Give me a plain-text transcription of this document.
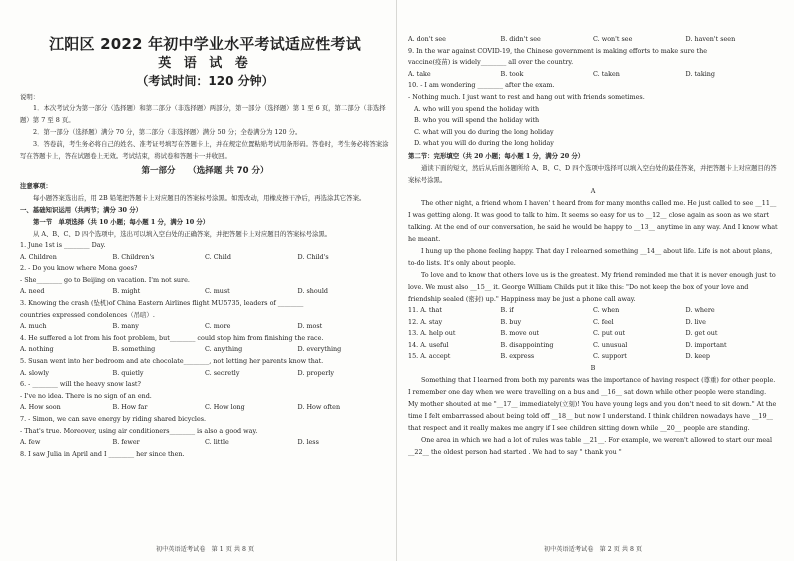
江阳区 2022 年初中学业水平考试适应性考试
英 语 试 卷
（考试时间：120 分钟）
说明：
1．本次考试分为第一部分（选择题）和第二部分（非选择题）两部分，第一部分（选择题）第 1 至 6 页，第二部分（非选择题）第 7 至 8 页。
2．第一部分（选择题）满分 70 分，第二部分（非选择题）满分 50 分；全卷满分为 120 分。
3．答卷前，考生务必将自己的姓名、准考证号填写在答题卡上，并在规定位置粘贴考试用条形码。答卷时，考生务必将答案涂写在答题卡上，答在试题卷上无效。考试结束，将试卷和答题卡一并收回。
第一部分　　（选择题 共 70 分）
注意事项：
每小题答案选出后，用 2B 铅笔把答题卡上对应题目的答案标号涂黑。如需改动，用橡皮擦干净后，再选涂其它答案。
一、基础知识运用（共两节；满分 30 分）
第一节　单项选择（共 10 小题；每小题 1 分，满分 10 分）
从 A、B、C、D 四个选项中，选出可以填入空白处的正确答案，并把答题卡上对应题目的答案标号涂黑。
1. June 1st is ________ Day.
A. Children	B. Children's	C. Child	D. Child's
2. - Do you know where Mona goes?
- She________ go to Beijing on vacation. I'm not sure.
A. need	B. might	C. must	D. should
3. Knowing the crash (坠机)of China Eastern Airlines flight MU5735, leaders of ________
countries expressed condolences（吊唁）.
A. much	B. many	C. more	D. most
4. He suffered a lot from his foot problem, but________ could stop him from finishing the race.
A. nothing	B. something	C. anything	D. everything
5. Susan went into her bedroom and ate chocolate________, not letting her parents know that.
A. slowly	B. quietly	C. secretly	D. properly
6. - ________ will the heavy snow last?
- I've no idea. There is no sign of an end.
A. How soon	B. How far	C. How long	D. How often
7. - Simon, we can save energy by riding shared bicycles.
- That's true. Moreover, using air conditioners________ is also a good way.
A. few	B. fewer	C. little	D. less
8. I saw Julia in April and I ________ her since then.
初中英语适考试卷　第 1 页 共 8 页
A. don't see	B. didn't see	C. won't see	D. haven't seen
9. In the war against COVID-19, the Chinese government is making efforts to make sure the
vaccine(疫苗) is widely________ all over the country.
A. take	B. took	C. taken	D. taking
10. - I am wondering ________ after the exam.
- Nothing much. I just want to rest and hang out with friends sometimes.
A. who will you spend the holiday with
B. who you will spend the holiday with
C. what will you do during the long holiday
D. what you will do during the long holiday
第二节：完形填空（共 20 小题；每小题 1 分，满分 20 分）
通读下面的短文，然后从后面各题所给 A、B、C、D 四个选项中选择可以填入空白处的最佳答案，并把答题卡上对应题目的答案标号涂黑。
A
The other night, a friend whom I haven' t heard from for many months called me. He just called to see __11__ I was getting along. It was good to talk to him. It seems so easy for us to __12__ close again as soon as we start talking. At the end of our conversation, he said he would be happy to __13__ anytime in any way. And I know what he meant.
I hung up the phone feeling happy. That day I relearned something __14__ about life. Life is not about plans, to-do lists. It's only about people.
To love and to know that others love us is the greatest. My friend reminded me that it is never enough just to love. We must also __15__ it. George William Childs put it like this: "Do not keep the box of your love and friendship sealed (密封) up." Happiness may be just a phone call away.
11. A. that	B. if	C. when	D. where
12. A. stay	B. buy	C. feel	D. live
13. A. help out	B. move out	C. put out	D. get out
14. A. useful	B. disappointing	C. unusual	D. important
15. A. accept	B. express	C. support	D. keep
B
Something that I learned from both my parents was the importance of having respect (尊重) for other people. I remember one day when we were travelling on a bus and __16__ sat down while other people were standing. My mother shouted at me "__17__ immediately(立刻)! You have young legs and you don't need to sit down." At the time I felt embarrassed about being told off __18__ but now I understand. I think children nowadays have __19__ that respect and it really makes me angry if I see children sitting down while __20__ people are standing.
One area in which we had a lot of rules was table __21__. For example, we weren't allowed to start our meal __22__ the oldest person had started . We had to say " thank you "
初中英语适考试卷　第 2 页 共 8 页
